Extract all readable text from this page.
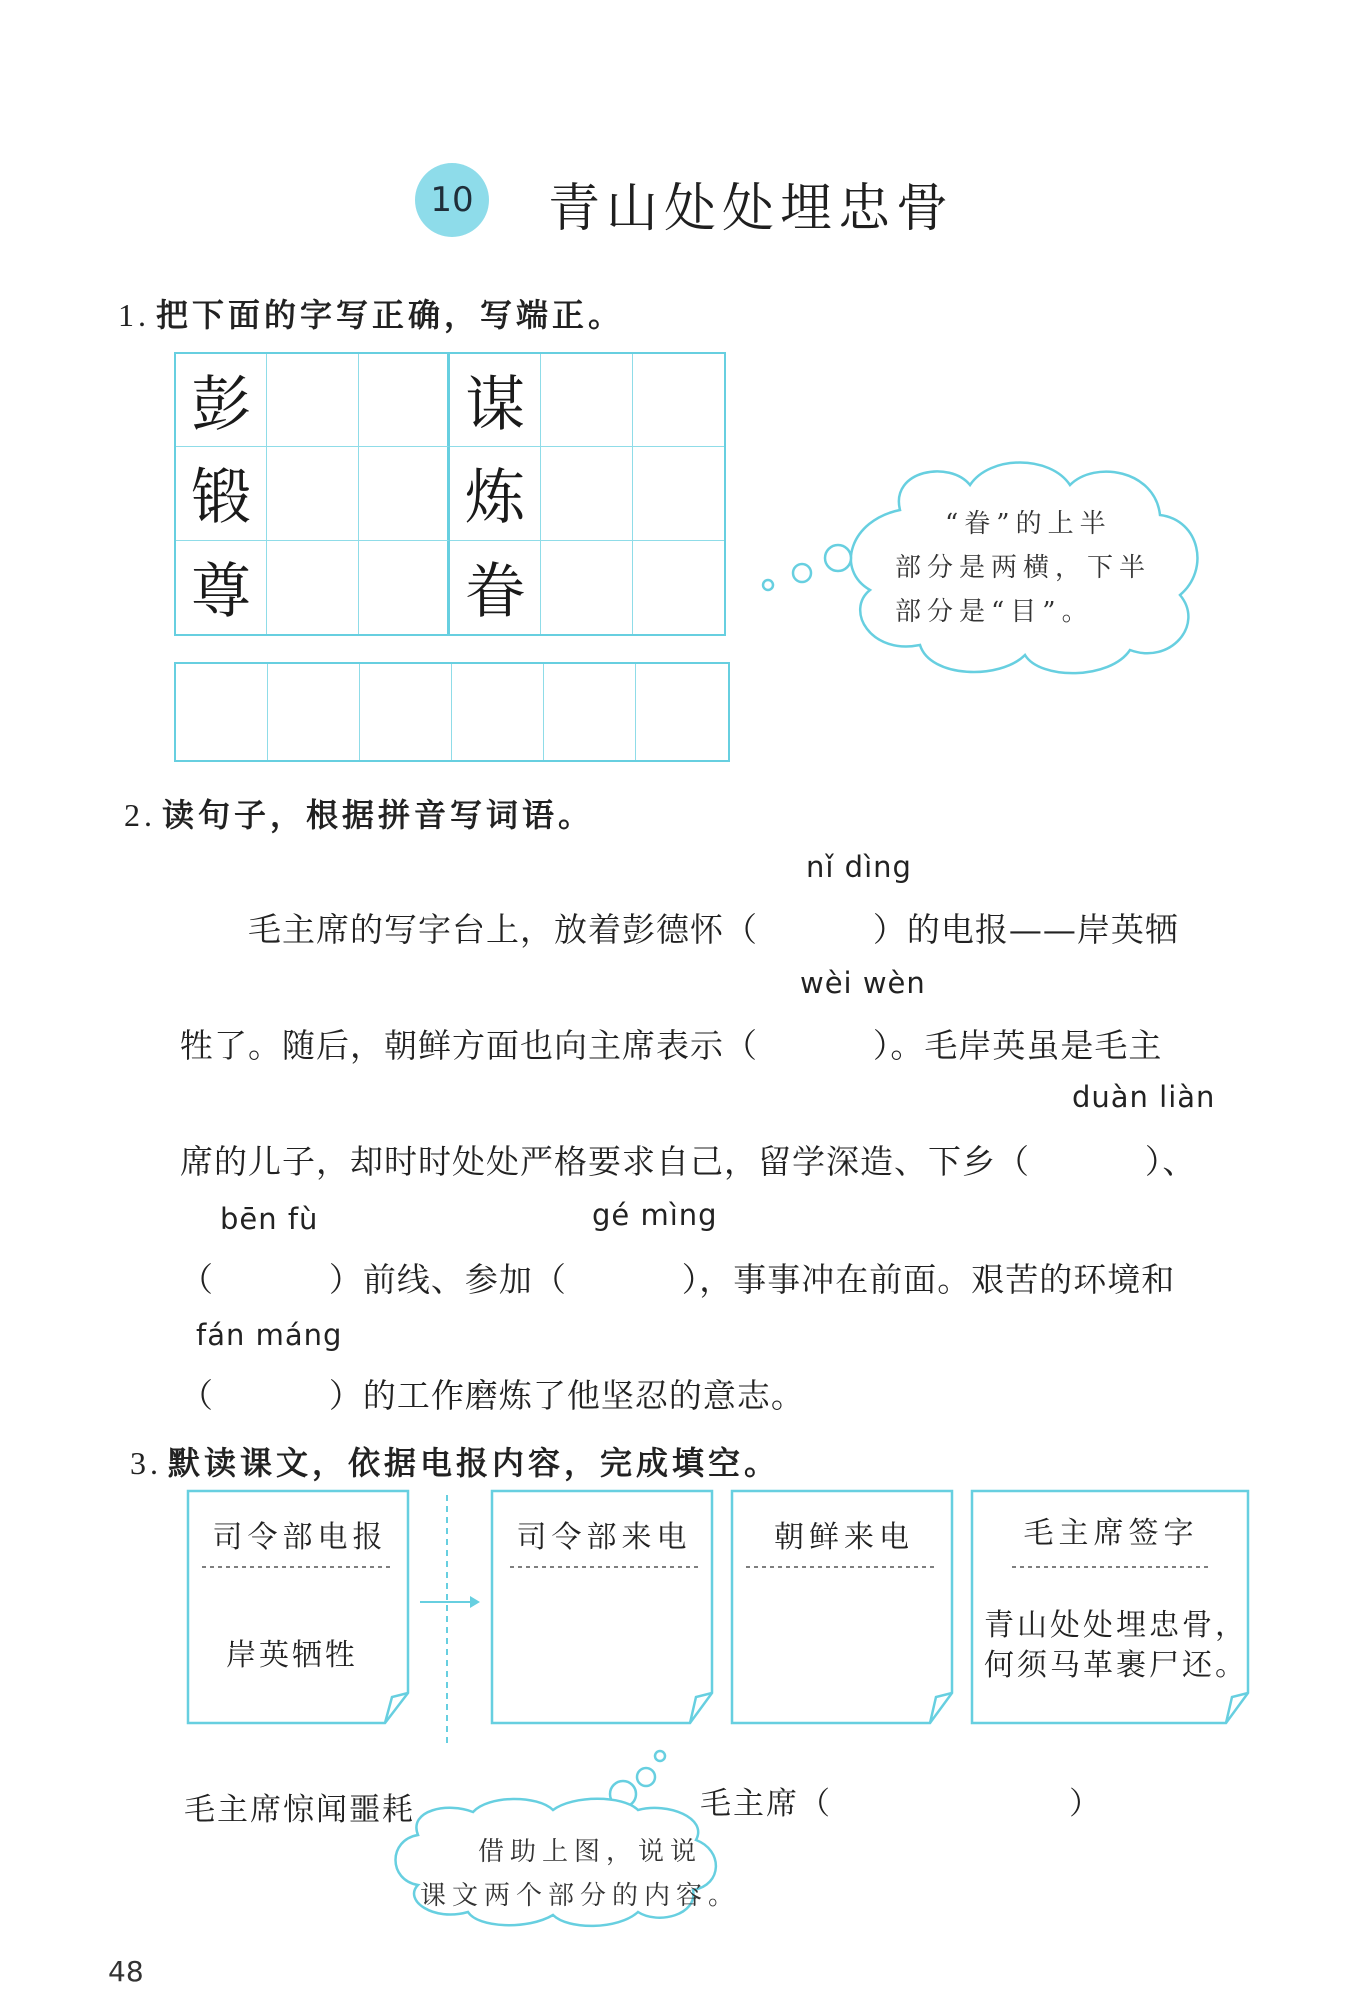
10 青山处处埋忠骨
1. 把下面的字写正确，写端正。
彭	谋
锻	炼
尊	眷
“眷”的上半
部分是两横，下半
部分是“目”。
2. 读句子，根据拼音写词语。
nǐ dìng
毛主席的写字台上，放着彭德怀（          ）的电报——岸英牺
wèi wèn
牲了。随后，朝鲜方面也向主席表示（          ）。毛岸英虽是毛主
duàn liàn
席的儿子，却时时处处严格要求自己，留学深造、下乡（          ）、
bēn fù	gé mìng
（          ）前线、参加（          ），事事冲在前面。艰苦的环境和
fán máng
（          ）的工作磨炼了他坚忍的意志。
3. 默读课文，依据电报内容，完成填空。
司令部电报
岸英牺牲
司令部来电	朝鲜来电	毛主席签字
青山处处埋忠骨，
何须马革裹尸还。
毛主席惊闻噩耗	毛主席（                    ）
借助上图，说说
课文两个部分的内容。
48
